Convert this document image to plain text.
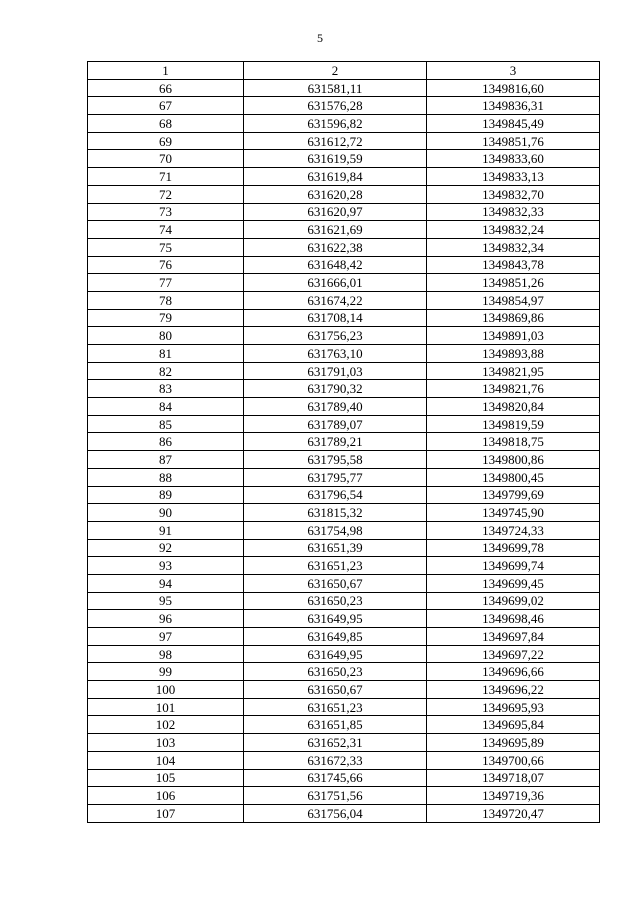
5
1	2	3
66	631581,11	1349816,60
67	631576,28	1349836,31
68	631596,82	1349845,49
69	631612,72	1349851,76
70	631619,59	1349833,60
71	631619,84	1349833,13
72	631620,28	1349832,70
73	631620,97	1349832,33
74	631621,69	1349832,24
75	631622,38	1349832,34
76	631648,42	1349843,78
77	631666,01	1349851,26
78	631674,22	1349854,97
79	631708,14	1349869,86
80	631756,23	1349891,03
81	631763,10	1349893,88
82	631791,03	1349821,95
83	631790,32	1349821,76
84	631789,40	1349820,84
85	631789,07	1349819,59
86	631789,21	1349818,75
87	631795,58	1349800,86
88	631795,77	1349800,45
89	631796,54	1349799,69
90	631815,32	1349745,90
91	631754,98	1349724,33
92	631651,39	1349699,78
93	631651,23	1349699,74
94	631650,67	1349699,45
95	631650,23	1349699,02
96	631649,95	1349698,46
97	631649,85	1349697,84
98	631649,95	1349697,22
99	631650,23	1349696,66
100	631650,67	1349696,22
101	631651,23	1349695,93
102	631651,85	1349695,84
103	631652,31	1349695,89
104	631672,33	1349700,66
105	631745,66	1349718,07
106	631751,56	1349719,36
107	631756,04	1349720,47
